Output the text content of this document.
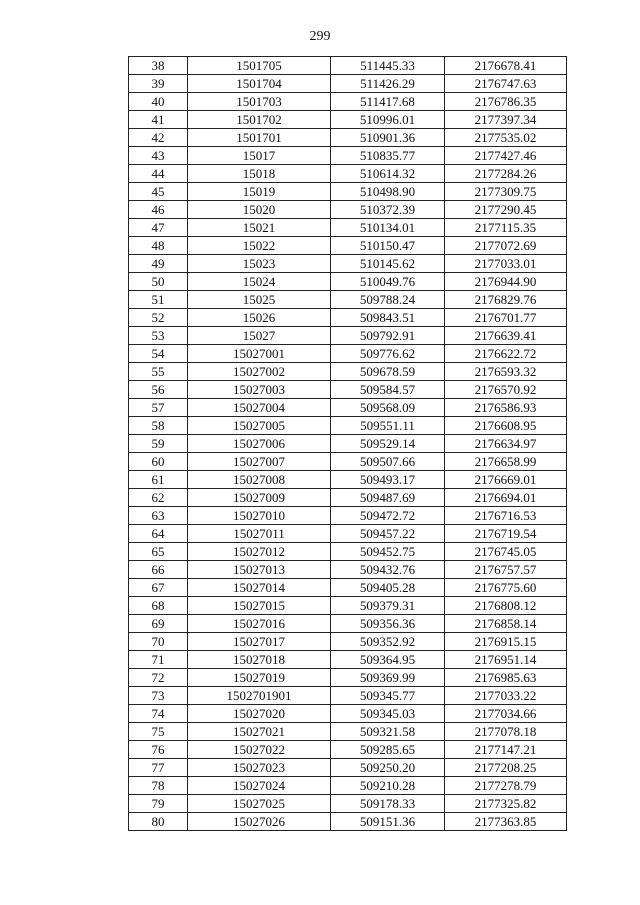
299
38	1501705	511445.33	2176678.41
39	1501704	511426.29	2176747.63
40	1501703	511417.68	2176786.35
41	1501702	510996.01	2177397.34
42	1501701	510901.36	2177535.02
43	15017	510835.77	2177427.46
44	15018	510614.32	2177284.26
45	15019	510498.90	2177309.75
46	15020	510372.39	2177290.45
47	15021	510134.01	2177115.35
48	15022	510150.47	2177072.69
49	15023	510145.62	2177033.01
50	15024	510049.76	2176944.90
51	15025	509788.24	2176829.76
52	15026	509843.51	2176701.77
53	15027	509792.91	2176639.41
54	15027001	509776.62	2176622.72
55	15027002	509678.59	2176593.32
56	15027003	509584.57	2176570.92
57	15027004	509568.09	2176586.93
58	15027005	509551.11	2176608.95
59	15027006	509529.14	2176634.97
60	15027007	509507.66	2176658.99
61	15027008	509493.17	2176669.01
62	15027009	509487.69	2176694.01
63	15027010	509472.72	2176716.53
64	15027011	509457.22	2176719.54
65	15027012	509452.75	2176745.05
66	15027013	509432.76	2176757.57
67	15027014	509405.28	2176775.60
68	15027015	509379.31	2176808.12
69	15027016	509356.36	2176858.14
70	15027017	509352.92	2176915.15
71	15027018	509364.95	2176951.14
72	15027019	509369.99	2176985.63
73	1502701901	509345.77	2177033.22
74	15027020	509345.03	2177034.66
75	15027021	509321.58	2177078.18
76	15027022	509285.65	2177147.21
77	15027023	509250.20	2177208.25
78	15027024	509210.28	2177278.79
79	15027025	509178.33	2177325.82
80	15027026	509151.36	2177363.85
